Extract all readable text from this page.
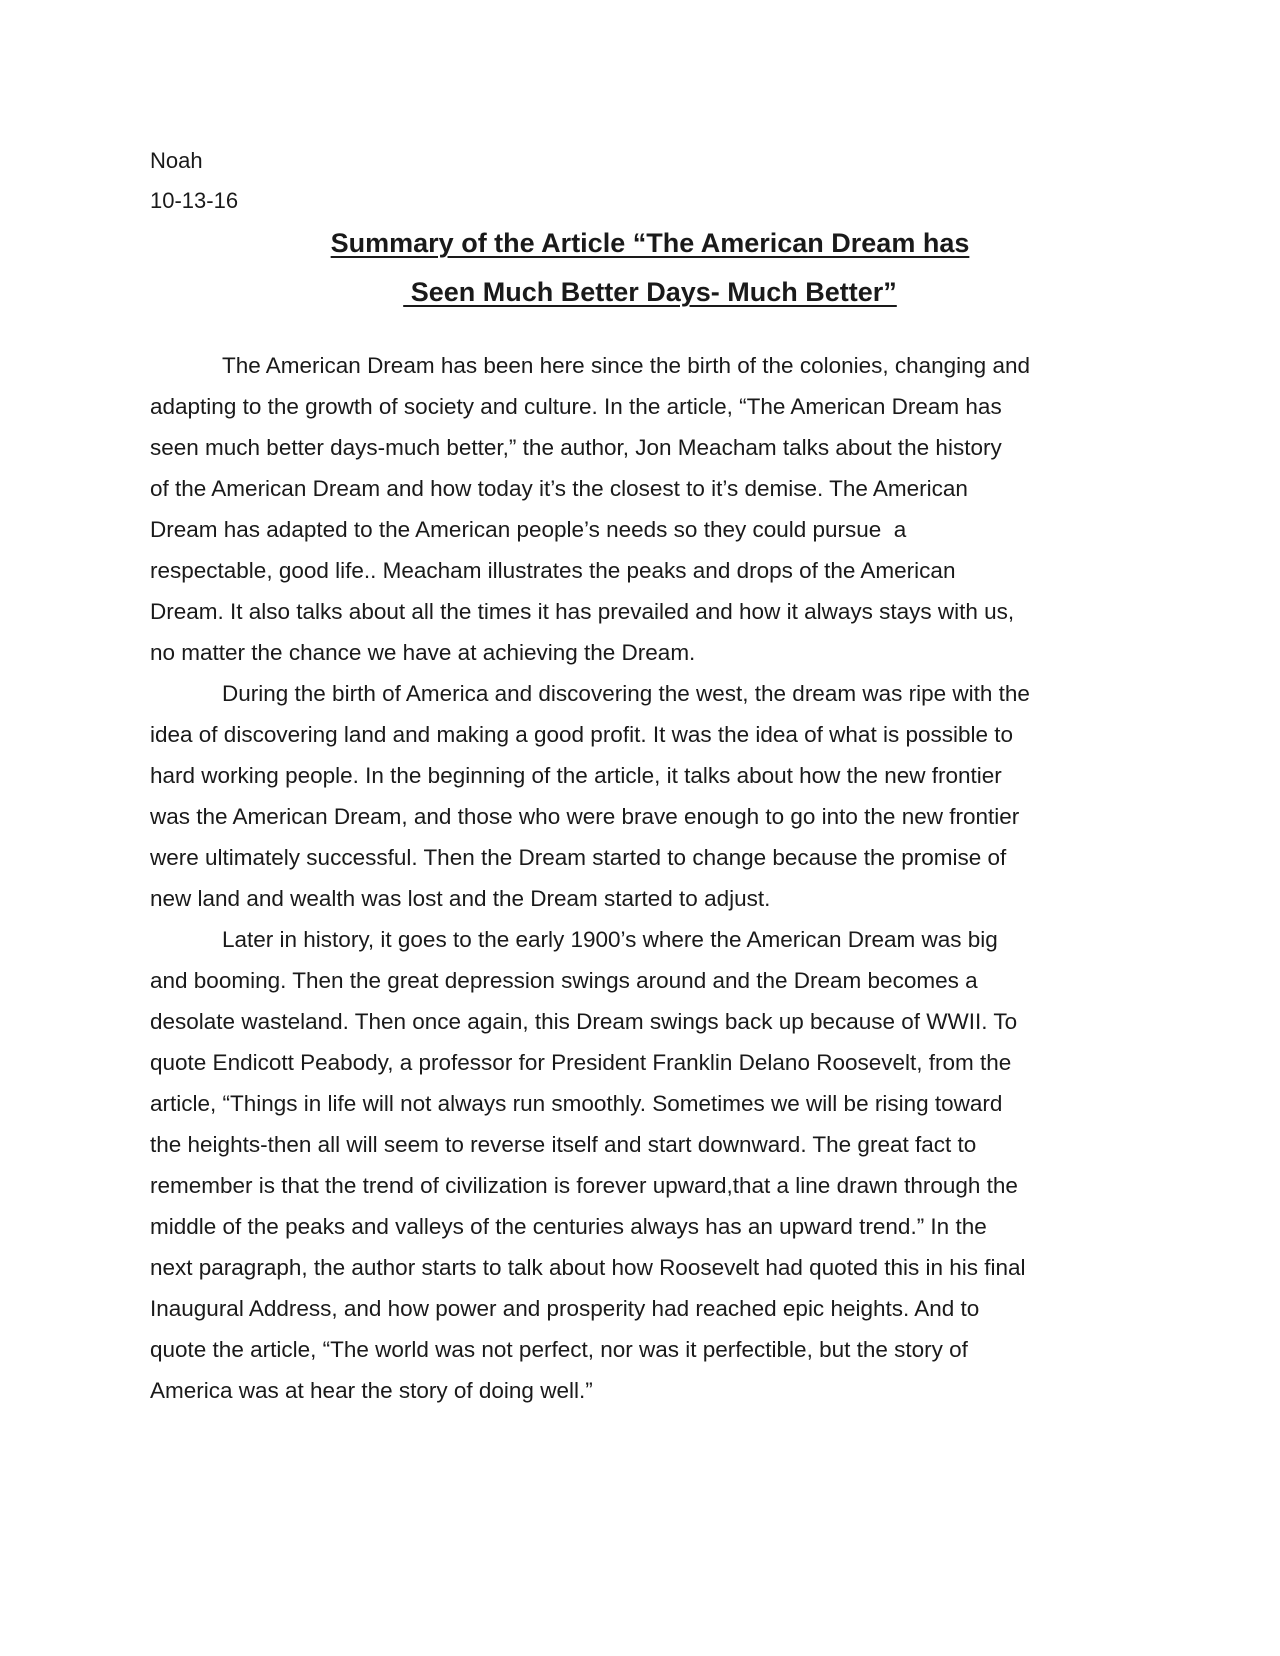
Noah
10-13-16
Summary of the Article “The American Dream has
Seen Much Better Days- Much Better”
The American Dream has been here since the birth of the colonies, changing and
adapting to the growth of society and culture. In the article, “The American Dream has
seen much better days-much better,” the author, Jon Meacham talks about the history
of the American Dream and how today it’s the closest to it’s demise. The American
Dream has adapted to the American people’s needs so they could pursue  a
respectable, good life.. Meacham illustrates the peaks and drops of the American
Dream. It also talks about all the times it has prevailed and how it always stays with us,
no matter the chance we have at achieving the Dream.
During the birth of America and discovering the west, the dream was ripe with the
idea of discovering land and making a good profit. It was the idea of what is possible to
hard working people. In the beginning of the article, it talks about how the new frontier
was the American Dream, and those who were brave enough to go into the new frontier
were ultimately successful. Then the Dream started to change because the promise of
new land and wealth was lost and the Dream started to adjust.
Later in history, it goes to the early 1900’s where the American Dream was big
and booming. Then the great depression swings around and the Dream becomes a
desolate wasteland. Then once again, this Dream swings back up because of WWII. To
quote Endicott Peabody, a professor for President Franklin Delano Roosevelt, from the
article, “Things in life will not always run smoothly. Sometimes we will be rising toward
the heights-then all will seem to reverse itself and start downward. The great fact to
remember is that the trend of civilization is forever upward,that a line drawn through the
middle of the peaks and valleys of the centuries always has an upward trend.” In the
next paragraph, the author starts to talk about how Roosevelt had quoted this in his final
Inaugural Address, and how power and prosperity had reached epic heights. And to
quote the article, “The world was not perfect, nor was it perfectible, but the story of
America was at hear the story of doing well.”
